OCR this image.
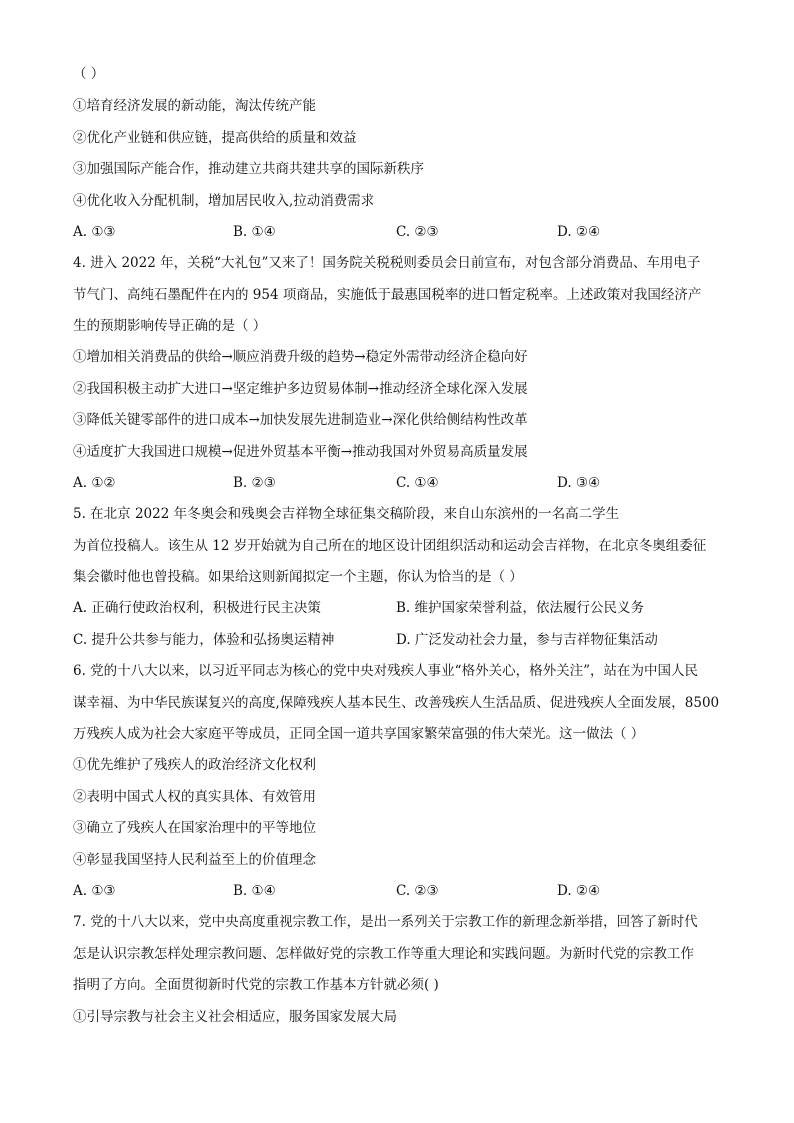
（ ）
①培育经济发展的新动能，淘汰传统产能
②优化产业链和供应链，提高供给的质量和效益
③加强国际产能合作，推动建立共商共建共享的国际新秩序
④优化收入分配机制，增加居民收入,拉动消费需求
A. ①③	B. ①④	C. ②③	D. ②④
4. 进入 2022 年，关税“大礼包”又来了！国务院关税税则委员会日前宣布，对包含部分消费品、车用电子
节气门、高纯石墨配件在内的 954 项商品，实施低于最惠国税率的进口暂定税率。上述政策对我国经济产
生的预期影响传导正确的是（ ）
①增加相关消费品的供给→顺应消费升级的趋势→稳定外需带动经济企稳向好
②我国积极主动扩大进口→坚定维护多边贸易体制→推动经济全球化深入发展
③降低关键零部件的进口成本→加快发展先进制造业→深化供给侧结构性改革
④适度扩大我国进口规模→促进外贸基本平衡→推动我国对外贸易高质量发展
A. ①②	B. ②③	C. ①④	D. ③④
5. 在北京 2022 年冬奥会和残奥会吉祥物全球征集交稿阶段，来自山东滨州的一名高二学生
为首位投稿人。该生从 12 岁开始就为自己所在的地区设计团组织活动和运动会吉祥物，在北京冬奥组委征
集会徽时他也曾投稿。如果给这则新闻拟定一个主题，你认为恰当的是（ ）
A. 正确行使政治权利，积极进行民主决策	B. 维护国家荣誉利益，依法履行公民义务
C. 提升公共参与能力，体验和弘扬奥运精神	D. 广泛发动社会力量，参与吉祥物征集活动
6. 党的十八大以来，以习近平同志为核心的党中央对残疾人事业“格外关心，格外关注”，站在为中国人民
谋幸福、为中华民族谋复兴的高度,保障残疾人基本民生、改善残疾人生活品质、促进残疾人全面发展，8500
万残疾人成为社会大家庭平等成员，正同全国一道共享国家繁荣富强的伟大荣光。这一做法（ ）
①优先维护了残疾人的政治经济文化权利
②表明中国式人权的真实具体、有效管用
③确立了残疾人在国家治理中的平等地位
④彰显我国坚持人民利益至上的价值理念
A. ①③	B. ①④	C. ②③	D. ②④
7. 党的十八大以来，党中央高度重视宗教工作，是出一系列关于宗教工作的新理念新举措，回答了新时代
怎是认识宗教怎样处理宗教问题、怎样做好党的宗教工作等重大理论和实践问题。为新时代党的宗教工作
指明了方向。全面贯彻新时代党的宗教工作基本方针就必须( )
①引导宗教与社会主义社会相适应，服务国家发展大局
